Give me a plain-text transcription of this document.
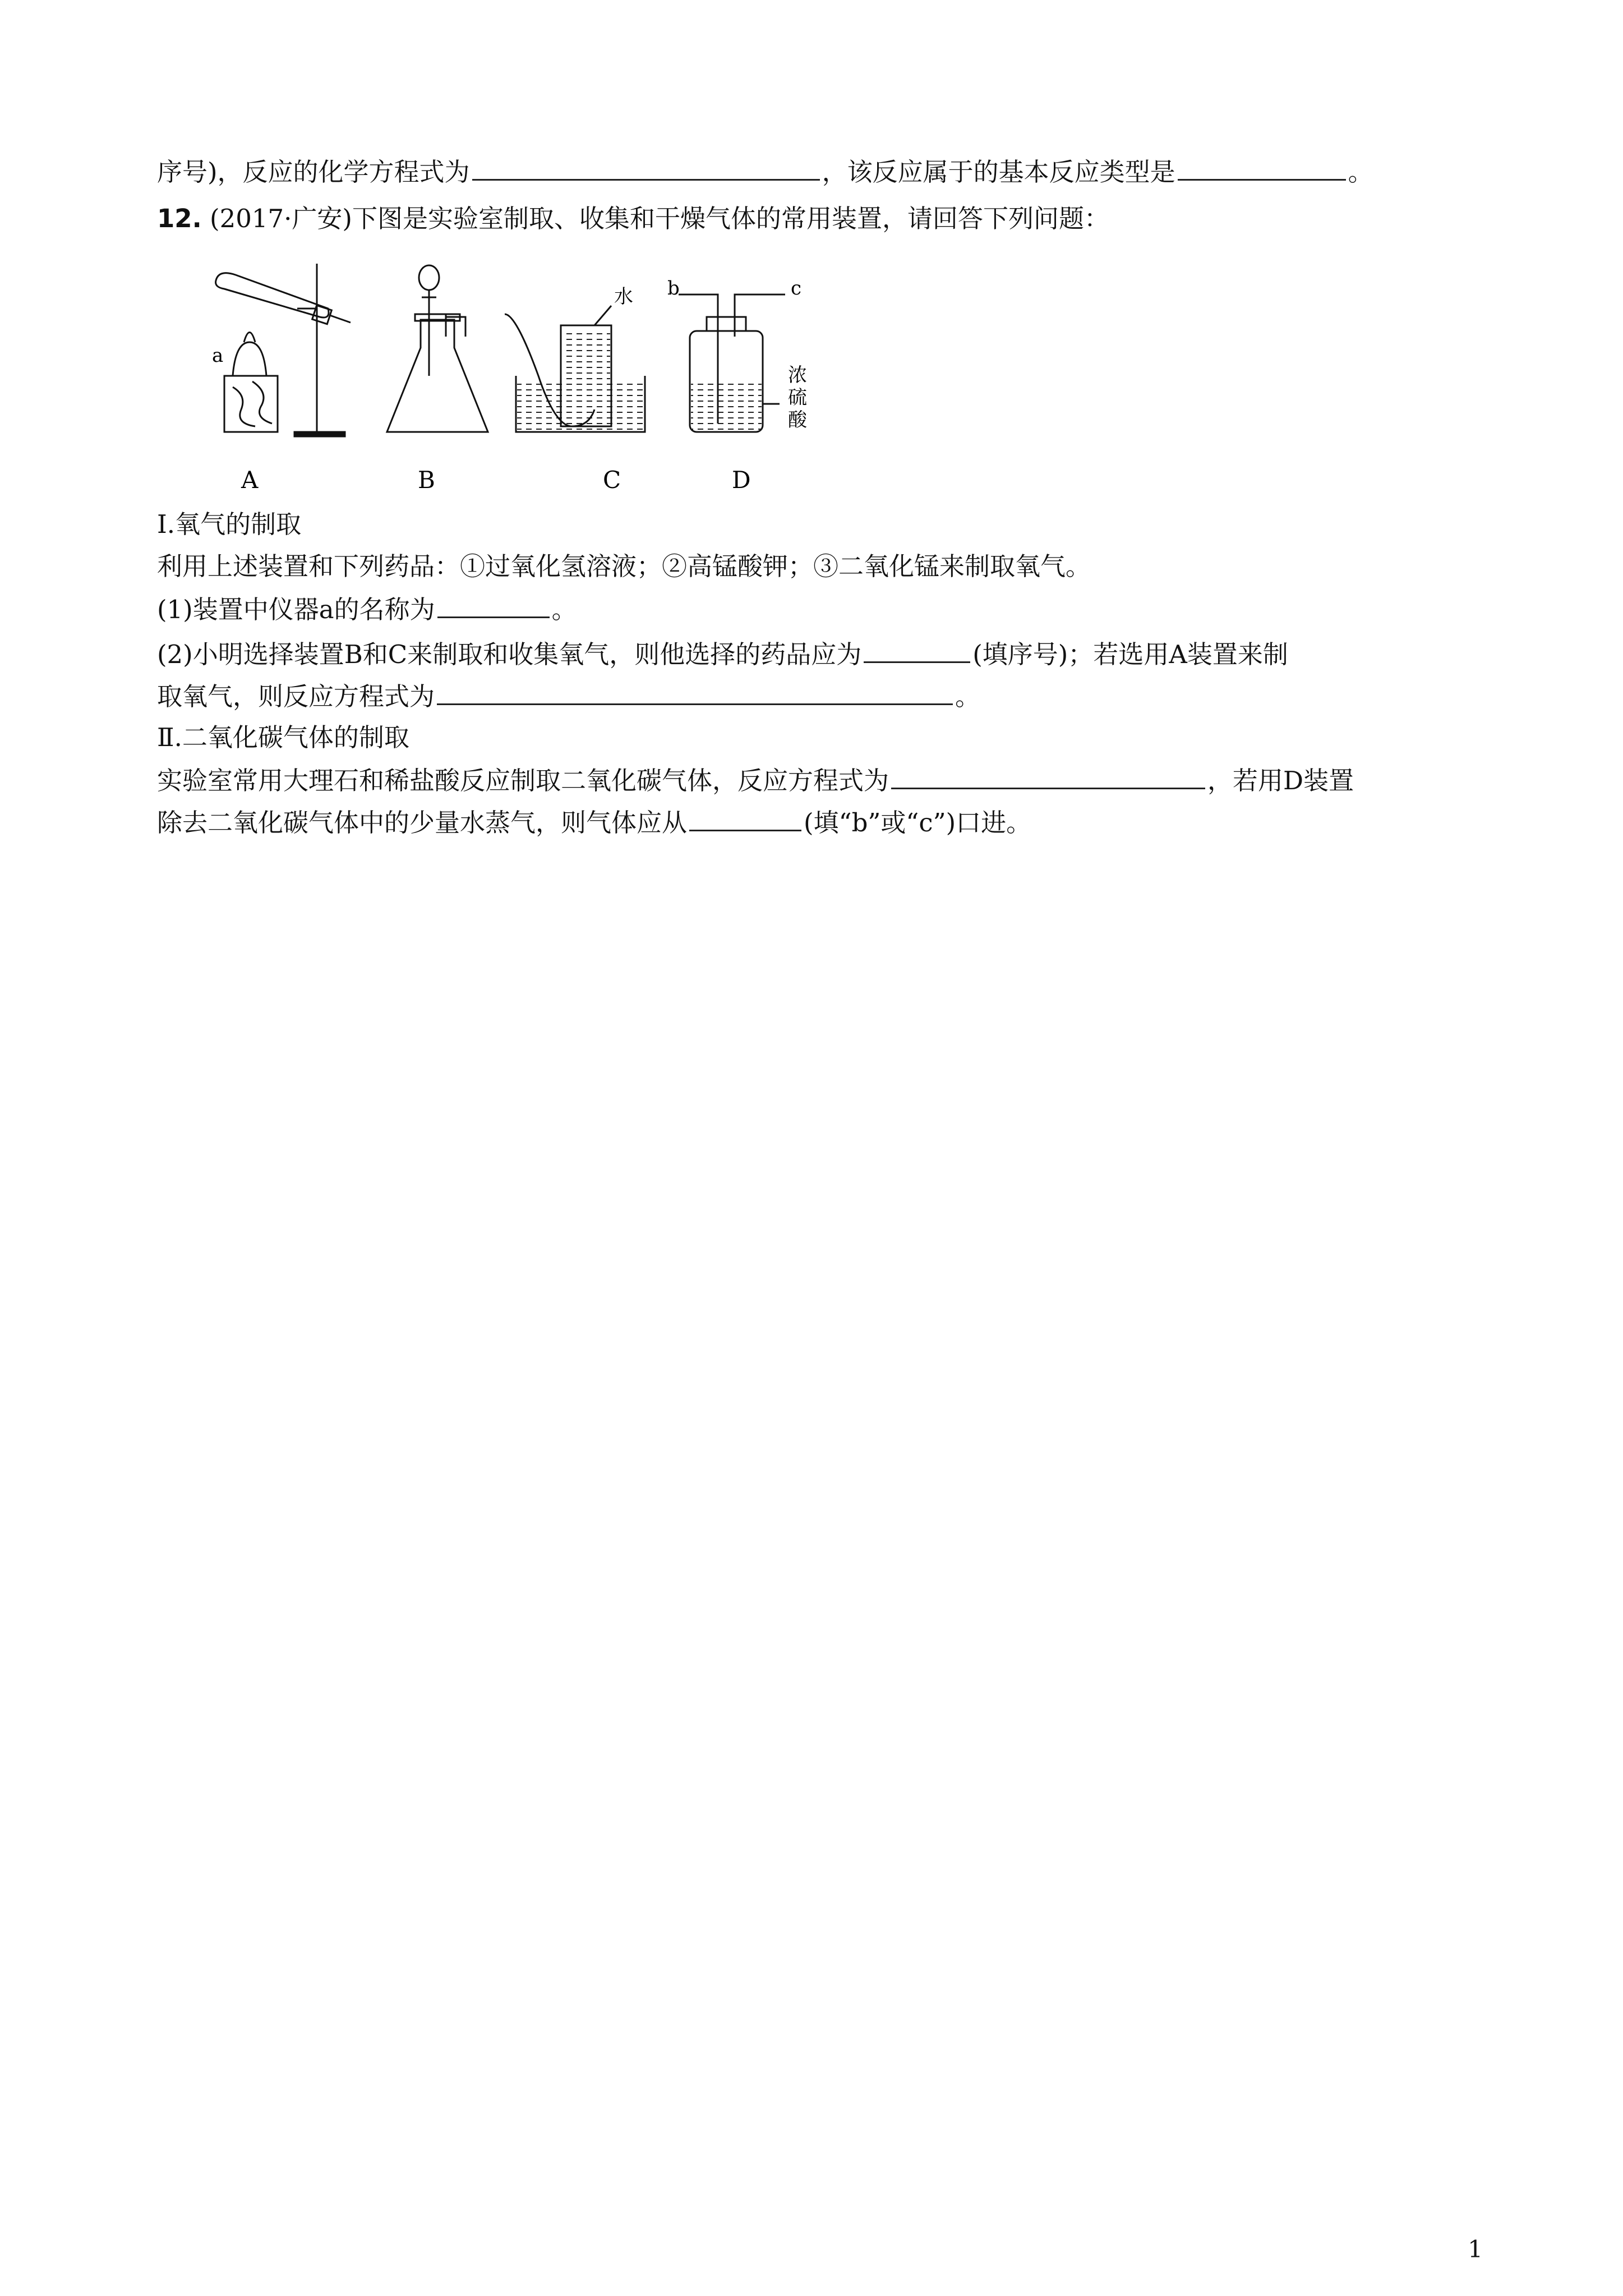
序号)，反应的化学方程式为	，该反应属于的基本反应类型是	。
12. (2017·广安)下图是实验室制取、收集和干燥气体的常用装置，请回答下列问题：
a
水 b	c
浓
硫
酸
A	B	C	D
Ⅰ.氧气的制取
利用上述装置和下列药品：①过氧化氢溶液；②高锰酸钾；③二氧化锰来制取氧气。
(1)装置中仪器a的名称为	。
(2)小明选择装置B和C来制取和收集氧气，则他选择的药品应为	(填序号)；若选用A装置来制
取氧气，则反应方程式为	。
Ⅱ.二氧化碳气体的制取
实验室常用大理石和稀盐酸反应制取二氧化碳气体，反应方程式为	，若用D装置
除去二氧化碳气体中的少量水蒸气，则气体应从	(填“b”或“c”)口进。
1
